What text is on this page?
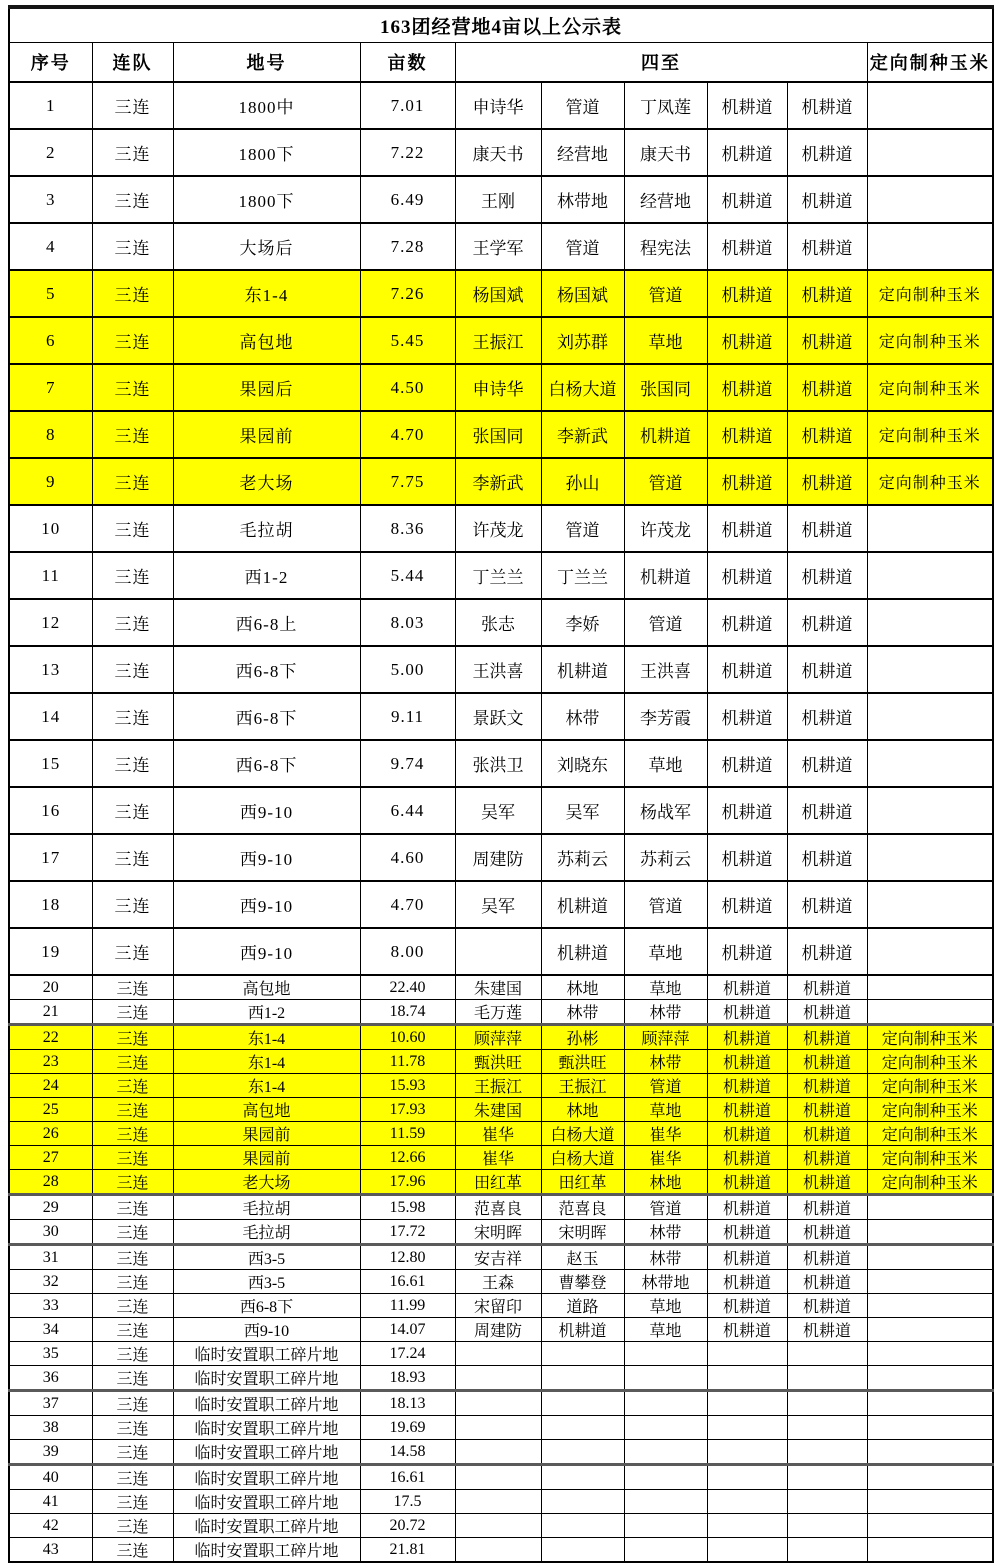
163团经营地4亩以上公示表									
序号	连队	地号	亩数	四至					定向制种玉米
1	三连	1800中	7.01	申诗华	管道	丁凤莲	机耕道	机耕道	
2	三连	1800下	7.22	康天书	经营地	康天书	机耕道	机耕道	
3	三连	1800下	6.49	王刚	林带地	经营地	机耕道	机耕道	
4	三连	大场后	7.28	王学军	管道	程宪法	机耕道	机耕道	
5	三连	东1-4	7.26	杨国斌	杨国斌	管道	机耕道	机耕道	定向制种玉米
6	三连	高包地	5.45	王振江	刘苏群	草地	机耕道	机耕道	定向制种玉米
7	三连	果园后	4.50	申诗华	白杨大道	张国同	机耕道	机耕道	定向制种玉米
8	三连	果园前	4.70	张国同	李新武	机耕道	机耕道	机耕道	定向制种玉米
9	三连	老大场	7.75	李新武	孙山	管道	机耕道	机耕道	定向制种玉米
10	三连	毛拉胡	8.36	许茂龙	管道	许茂龙	机耕道	机耕道	
11	三连	西1-2	5.44	丁兰兰	丁兰兰	机耕道	机耕道	机耕道	
12	三连	西6-8上	8.03	张志	李娇	管道	机耕道	机耕道	
13	三连	西6-8下	5.00	王洪喜	机耕道	王洪喜	机耕道	机耕道	
14	三连	西6-8下	9.11	景跃文	林带	李芳霞	机耕道	机耕道	
15	三连	西6-8下	9.74	张洪卫	刘晓东	草地	机耕道	机耕道	
16	三连	西9-10	6.44	吴军	吴军	杨战军	机耕道	机耕道	
17	三连	西9-10	4.60	周建防	苏莉云	苏莉云	机耕道	机耕道	
18	三连	西9-10	4.70	吴军	机耕道	管道	机耕道	机耕道	
19	三连	西9-10	8.00		机耕道	草地	机耕道	机耕道	
20	三连	高包地	22.40	朱建国	林地	草地	机耕道	机耕道	
21	三连	西1-2	18.74	毛万莲	林带	林带	机耕道	机耕道	
22	三连	东1-4	10.60	顾萍萍	孙彬	顾萍萍	机耕道	机耕道	定向制种玉米
23	三连	东1-4	11.78	甄洪旺	甄洪旺	林带	机耕道	机耕道	定向制种玉米
24	三连	东1-4	15.93	王振江	王振江	管道	机耕道	机耕道	定向制种玉米
25	三连	高包地	17.93	朱建国	林地	草地	机耕道	机耕道	定向制种玉米
26	三连	果园前	11.59	崔华	白杨大道	崔华	机耕道	机耕道	定向制种玉米
27	三连	果园前	12.66	崔华	白杨大道	崔华	机耕道	机耕道	定向制种玉米
28	三连	老大场	17.96	田红革	田红革	林地	机耕道	机耕道	定向制种玉米
29	三连	毛拉胡	15.98	范喜良	范喜良	管道	机耕道	机耕道	
30	三连	毛拉胡	17.72	宋明晖	宋明晖	林带	机耕道	机耕道	
31	三连	西3-5	12.80	安吉祥	赵玉	林带	机耕道	机耕道	
32	三连	西3-5	16.61	王森	曹攀登	林带地	机耕道	机耕道	
33	三连	西6-8下	11.99	宋留印	道路	草地	机耕道	机耕道	
34	三连	西9-10	14.07	周建防	机耕道	草地	机耕道	机耕道	
35	三连	临时安置职工碎片地	17.24						
36	三连	临时安置职工碎片地	18.93						
37	三连	临时安置职工碎片地	18.13						
38	三连	临时安置职工碎片地	19.69						
39	三连	临时安置职工碎片地	14.58						
40	三连	临时安置职工碎片地	16.61						
41	三连	临时安置职工碎片地	17.5						
42	三连	临时安置职工碎片地	20.72						
43	三连	临时安置职工碎片地	21.81						
